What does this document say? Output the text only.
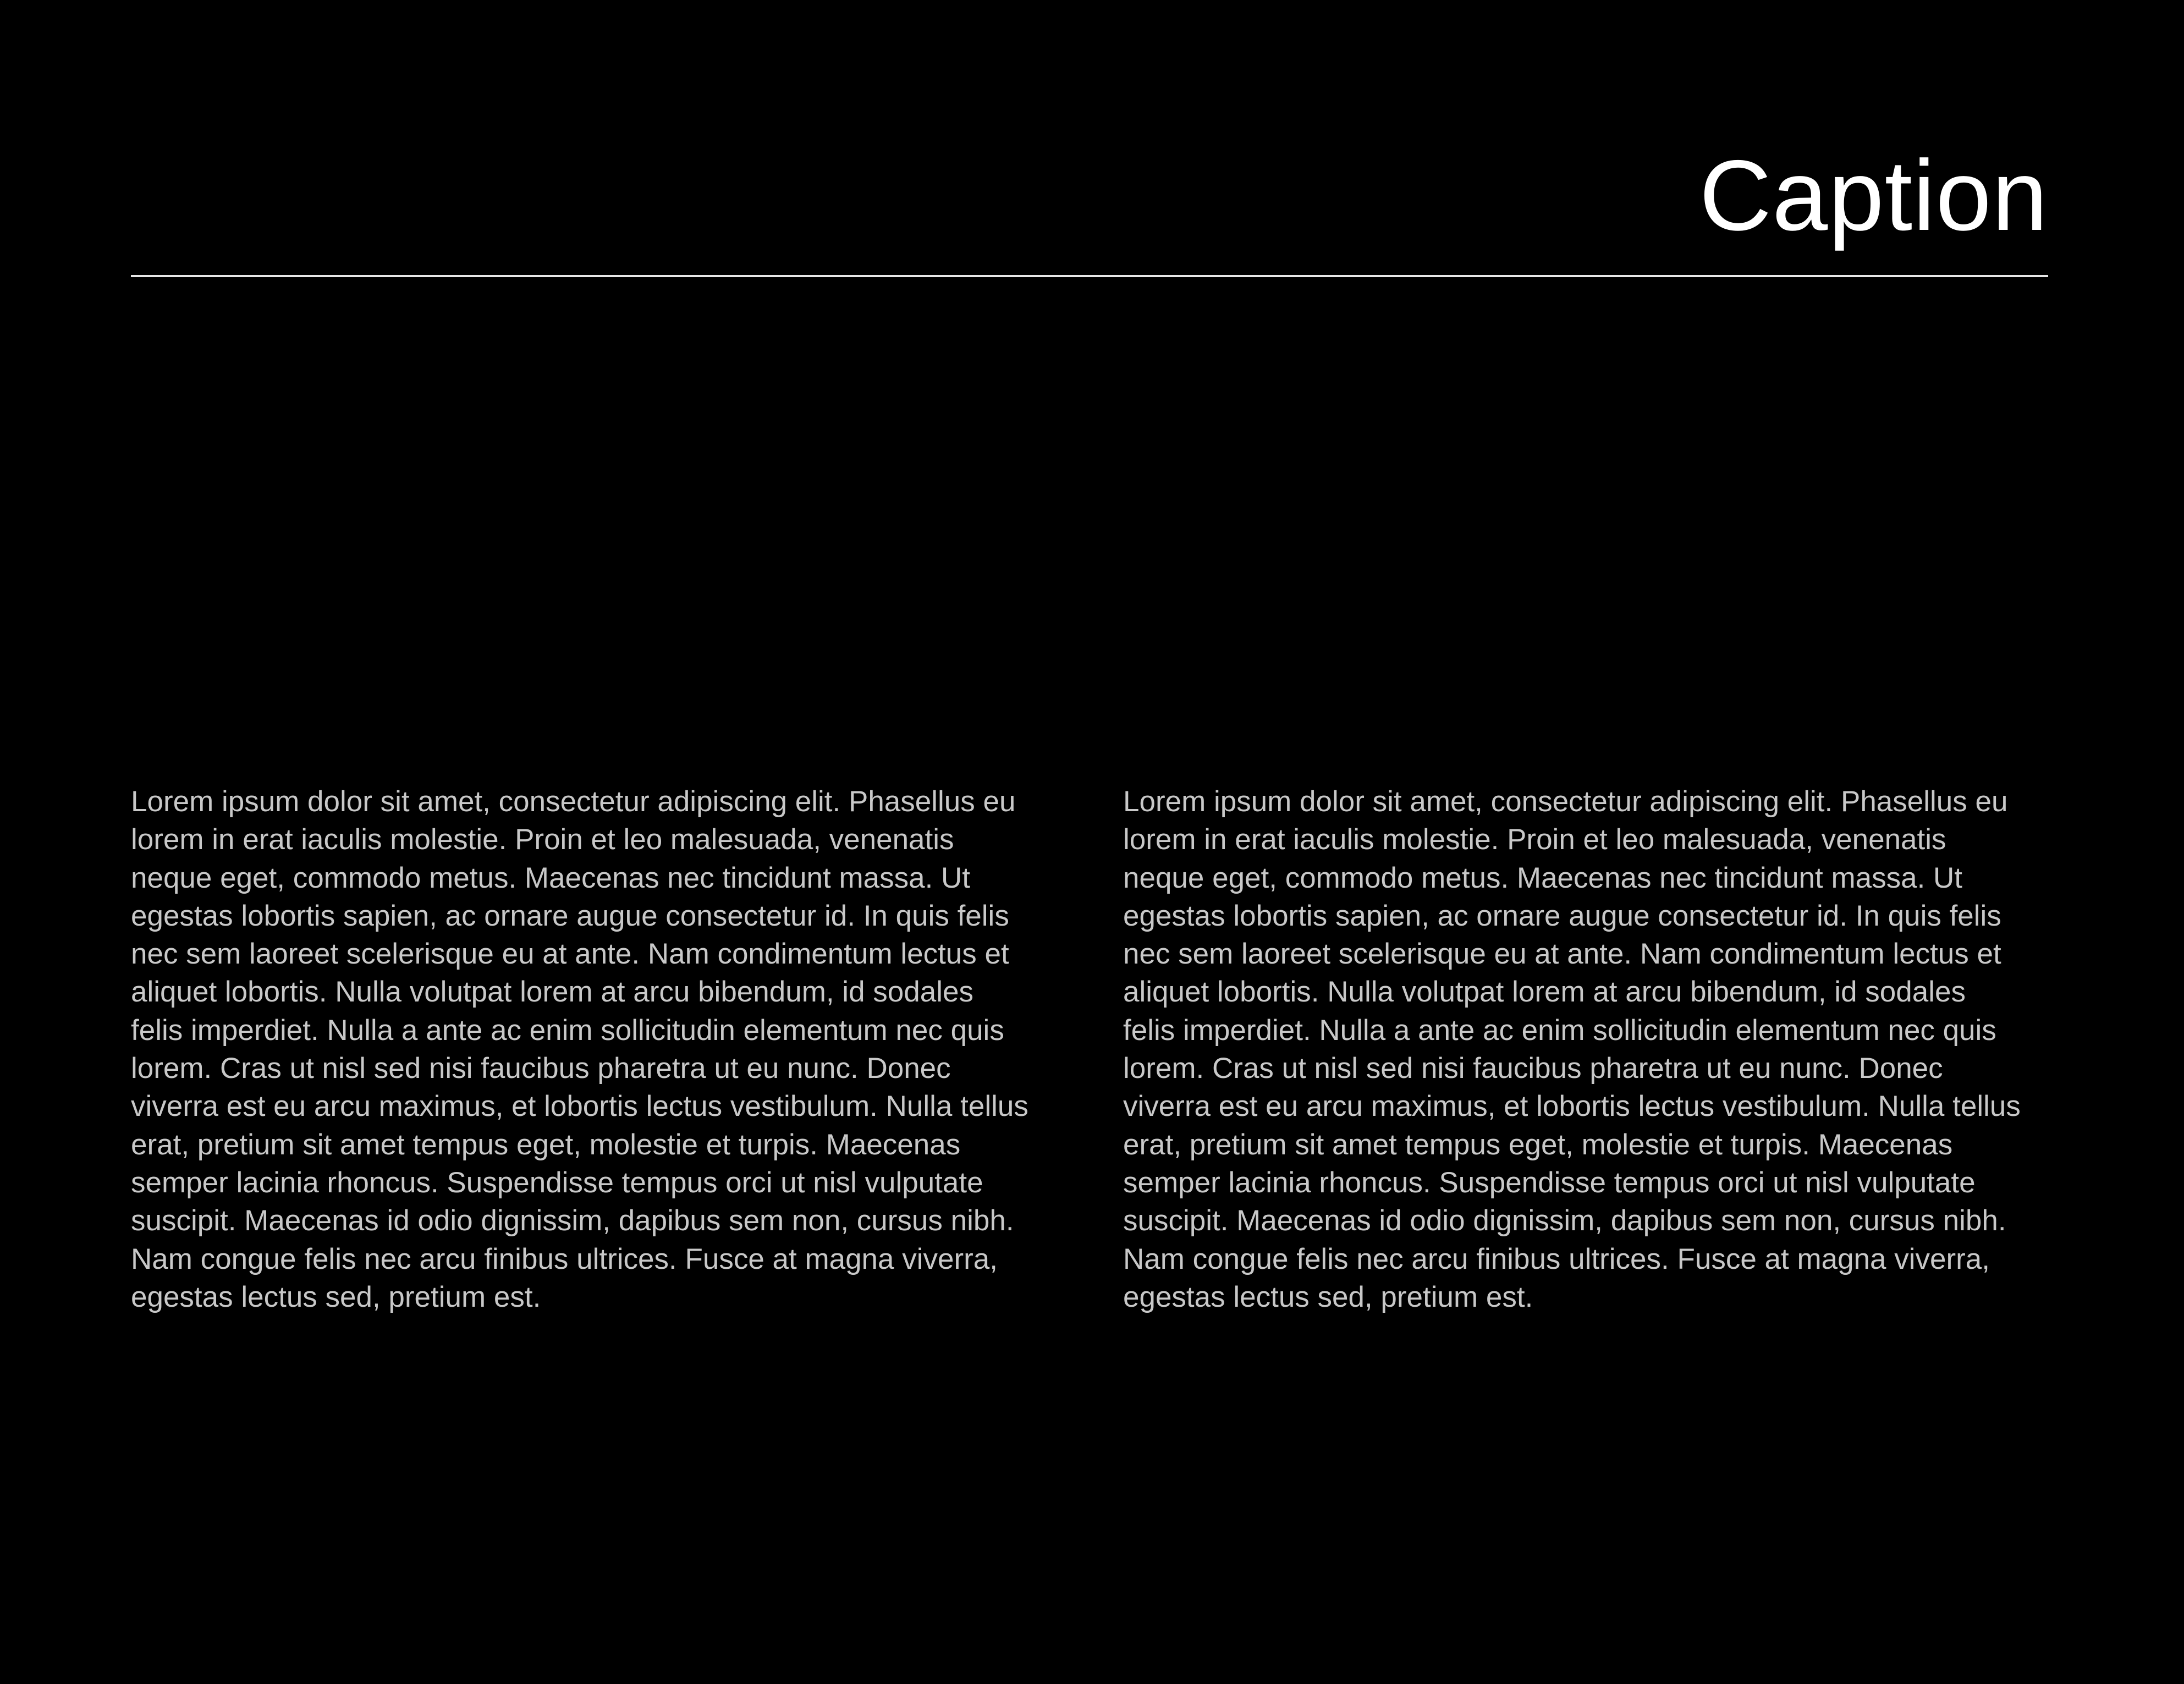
Caption

Lorem ipsum dolor sit amet, consectetur adipiscing elit. Phasellus eu lorem in erat iaculis molestie. Proin et leo malesuada, venenatis neque eget, commodo metus. Maecenas nec tincidunt massa. Ut egestas lobortis sapien, ac ornare augue consectetur id. In quis felis nec sem laoreet scelerisque eu at ante. Nam condimentum lectus et aliquet lobortis. Nulla volutpat lorem at arcu bibendum, id sodales felis imperdiet. Nulla a ante ac enim sollicitudin elementum nec quis lorem. Cras ut nisl sed nisi faucibus pharetra ut eu nunc. Donec viverra est eu arcu maximus, et lobortis lectus vestibulum. Nulla tellus erat, pretium sit amet tempus eget, molestie et turpis. Maecenas semper lacinia rhoncus. Suspendisse tempus orci ut nisl vulputate suscipit. Maecenas id odio dignissim, dapibus sem non, cursus nibh. Nam congue felis nec arcu finibus ultrices. Fusce at magna viverra, egestas lectus sed, pretium est.

Lorem ipsum dolor sit amet, consectetur adipiscing elit. Phasellus eu lorem in erat iaculis molestie. Proin et leo malesuada, venenatis neque eget, commodo metus. Maecenas nec tincidunt massa. Ut egestas lobortis sapien, ac ornare augue consectetur id. In quis felis nec sem laoreet scelerisque eu at ante. Nam condimentum lectus et aliquet lobortis. Nulla volutpat lorem at arcu bibendum, id sodales felis imperdiet. Nulla a ante ac enim sollicitudin elementum nec quis lorem. Cras ut nisl sed nisi faucibus pharetra ut eu nunc. Donec viverra est eu arcu maximus, et lobortis lectus vestibulum. Nulla tellus erat, pretium sit amet tempus eget, molestie et turpis. Maecenas semper lacinia rhoncus. Suspendisse tempus orci ut nisl vulputate suscipit. Maecenas id odio dignissim, dapibus sem non, cursus nibh. Nam congue felis nec arcu finibus ultrices. Fusce at magna viverra, egestas lectus sed, pretium est.
